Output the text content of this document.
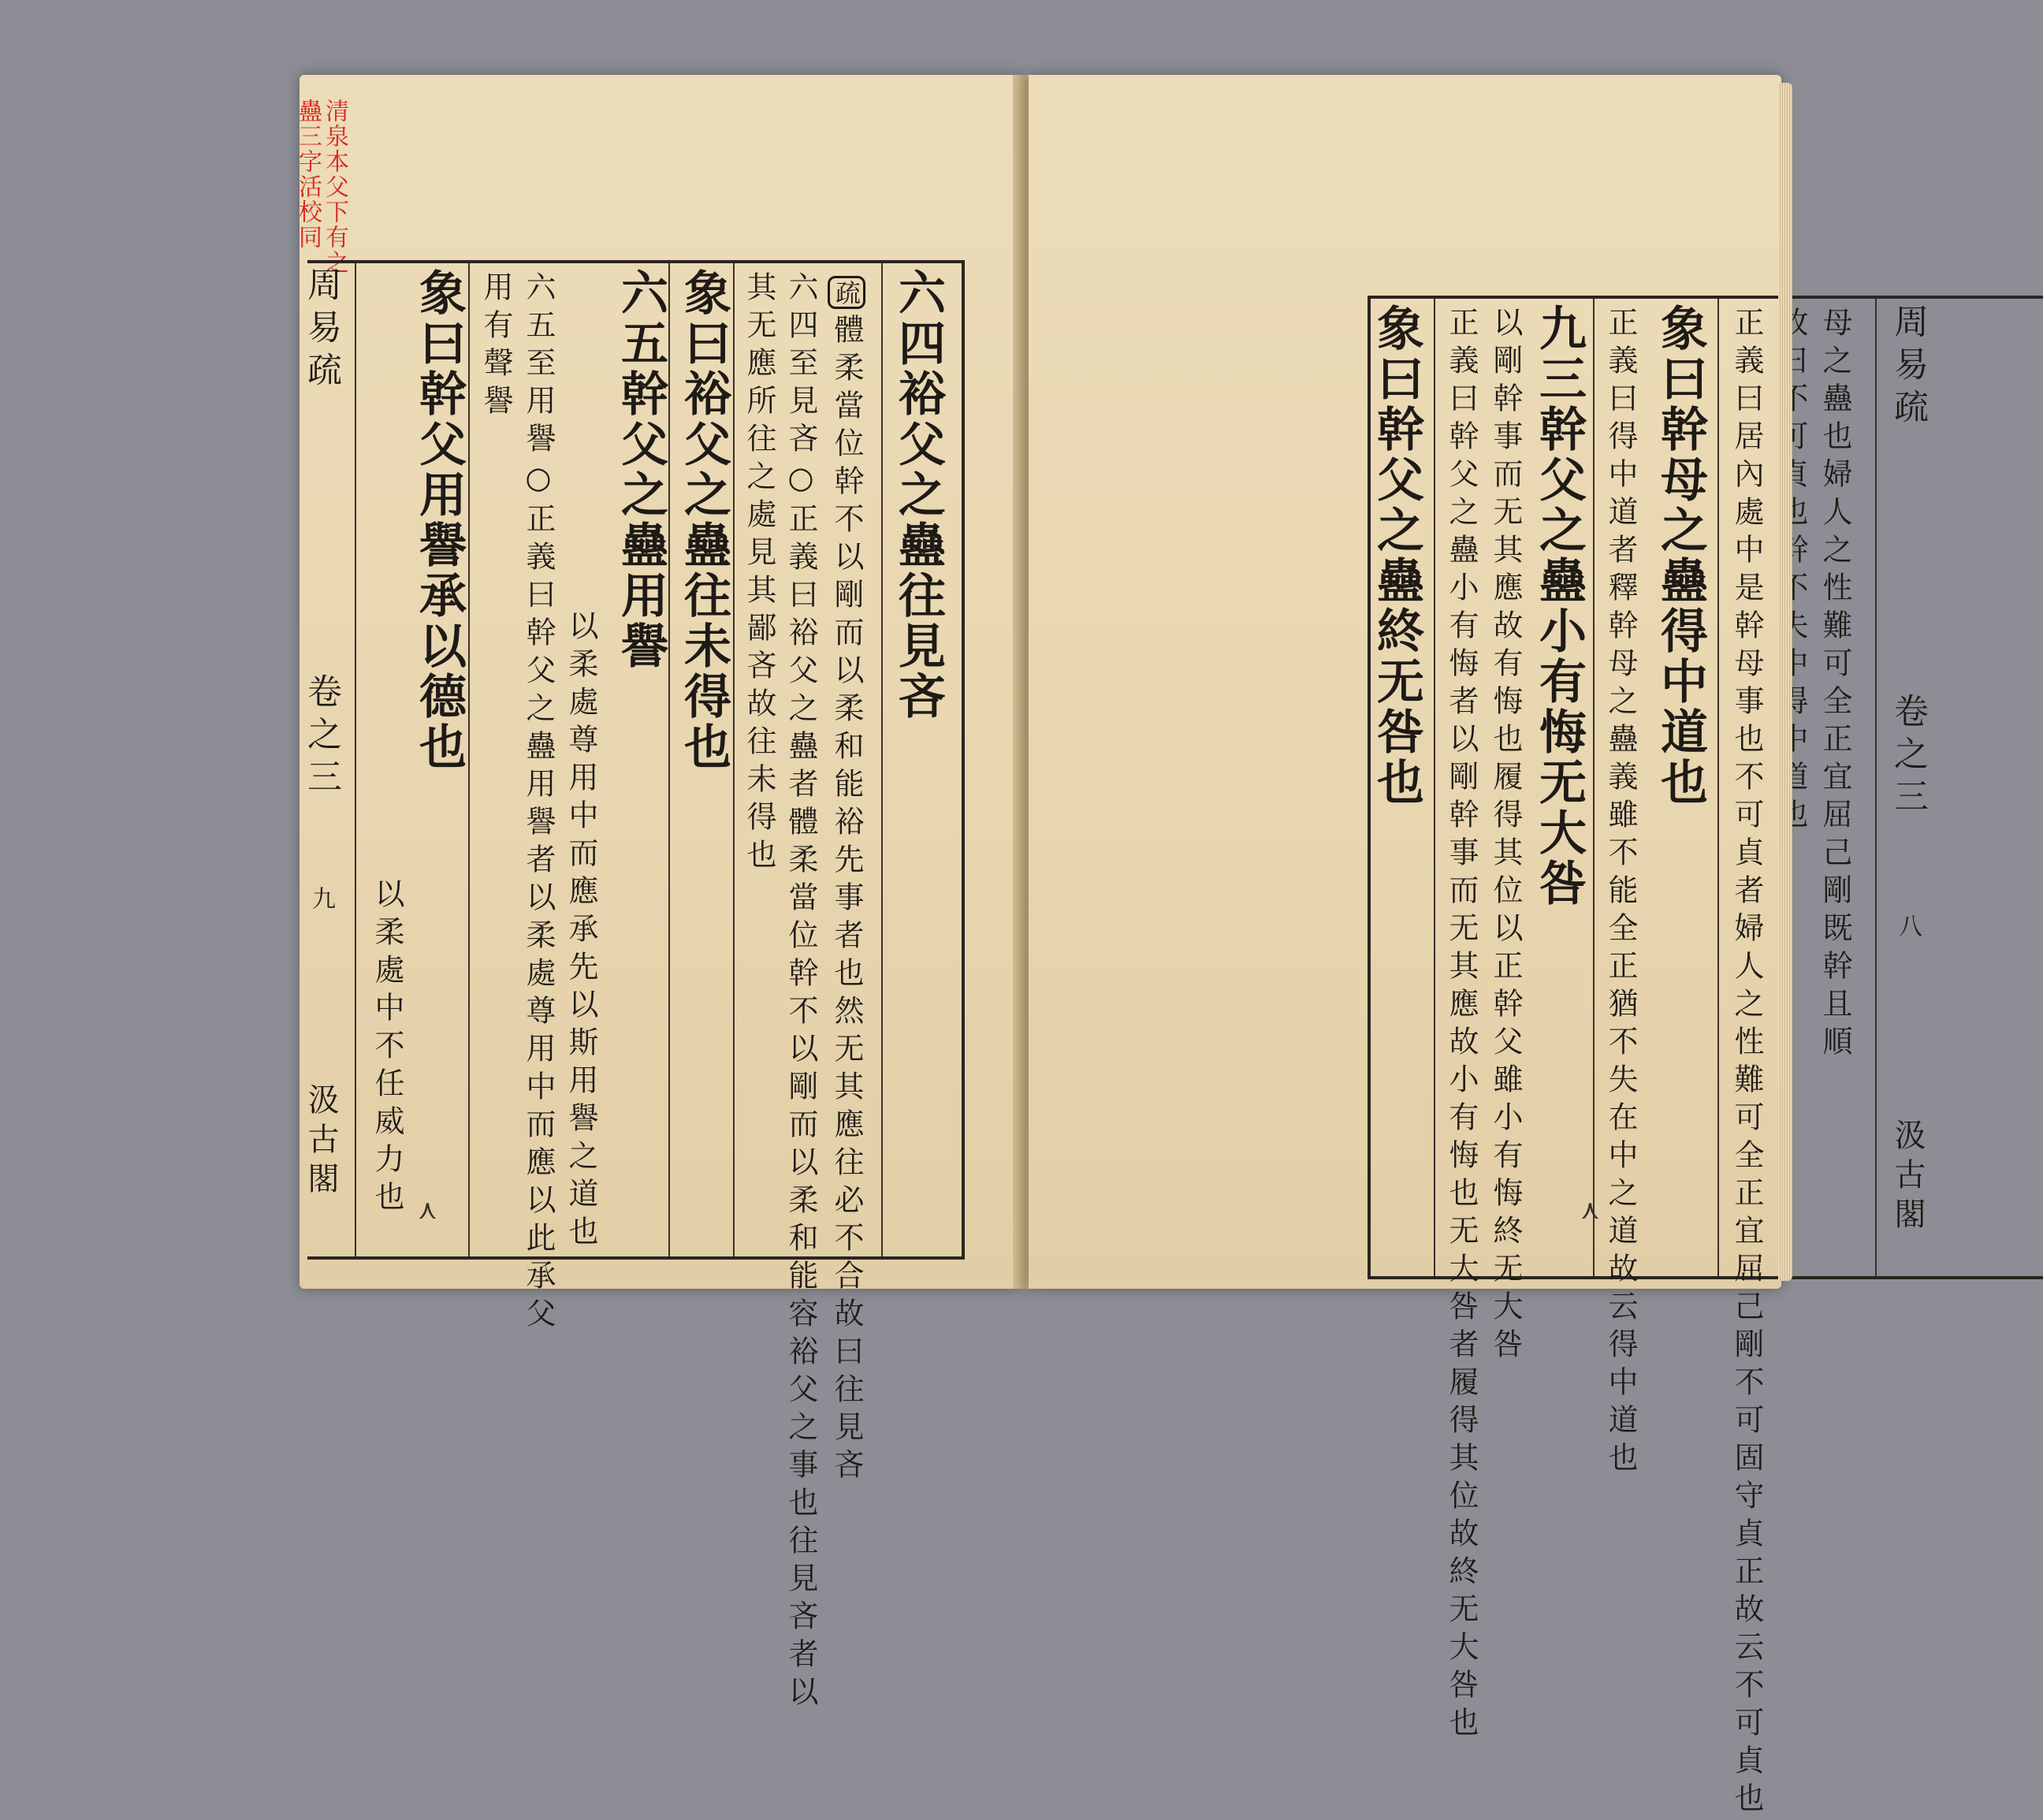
清泉本父下有之
蠱三字活校同
周易疏
卷之三
九
汲古閣
六四裕父之蠱往見吝
疏體柔當位幹不以剛而以柔和能裕先事者也然无其應往必不合故曰往見吝
六四至見吝○正義曰裕父之蠱者體柔當位幹不以剛而以柔和能容裕父之事也往見吝者以
其无應所往之處見其鄙吝故往未得也
象曰裕父之蠱往未得也
六五幹父之蠱用譽
以柔處尊用中而應承先以斯用譽之道也
六五至用譽○正義曰幹父之蠱用譽者以柔處尊用中而應以此承父
用有聲譽
象曰幹父用譽承以德也
以柔處中不任威力也 ⋏
象曰幹父之蠱終无咎也 正義曰幹父之蠱小有悔者以剛幹事而无其應故小有悔也无大咎者履得其位故終无大咎也 以剛幹事而无其應故有悔也履得其位以正幹父雖小有悔終无大咎 九三幹父之蠱小有悔无大咎 正義曰得中道者釋幹母之蠱義雖不能全正猶不失在中之道故云得中道也 象曰幹母之蠱得中道也 正義曰居內處中是幹母事也不可貞者婦人之性難可全正宜屈己剛不可固守貞正故云不可貞也 母之蠱也婦人之性難可全正宜屈己剛既幹且順 周易疏
卷之三
八
汲古閣
⋏
